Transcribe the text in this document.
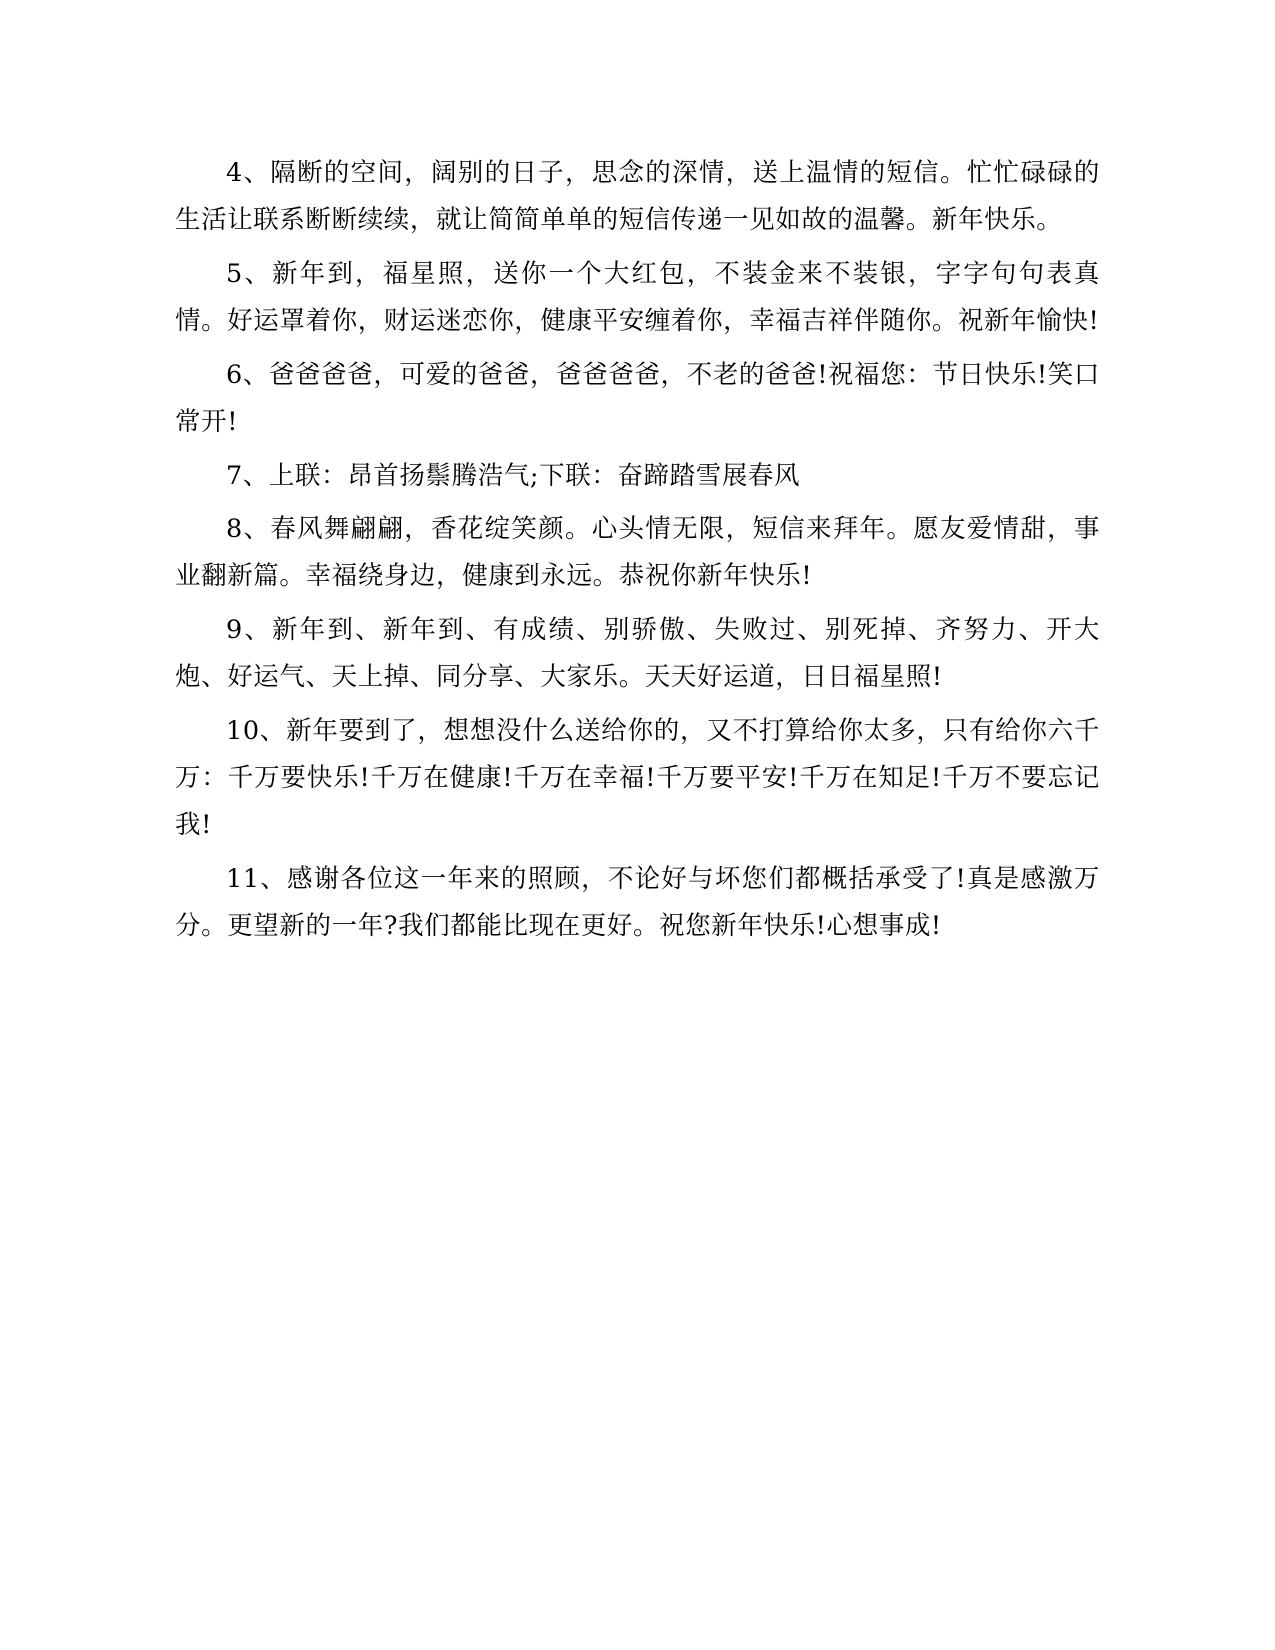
4、隔断的空间，阔别的日子，思念的深情，送上温情的短信。忙忙碌碌的生活让联系断断续续，就让简简单单的短信传递一见如故的温馨。新年快乐。

5、新年到，福星照，送你一个大红包，不装金来不装银，字字句句表真情。好运罩着你，财运迷恋你，健康平安缠着你，幸福吉祥伴随你。祝新年愉快!

6、爸爸爸爸，可爱的爸爸，爸爸爸爸，不老的爸爸!祝福您：节日快乐!笑口常开!

7、上联：昂首扬鬃腾浩气;下联：奋蹄踏雪展春风

8、春风舞翩翩，香花绽笑颜。心头情无限，短信来拜年。愿友爱情甜，事业翻新篇。幸福绕身边，健康到永远。恭祝你新年快乐!

9、新年到、新年到、有成绩、别骄傲、失败过、别死掉、齐努力、开大炮、好运气、天上掉、同分享、大家乐。天天好运道，日日福星照!

10、新年要到了，想想没什么送给你的，又不打算给你太多，只有给你六千万：千万要快乐!千万在健康!千万在幸福!千万要平安!千万在知足!千万不要忘记我!

11、感谢各位这一年来的照顾，不论好与坏您们都概括承受了!真是感激万分。更望新的一年?我们都能比现在更好。祝您新年快乐!心想事成!
